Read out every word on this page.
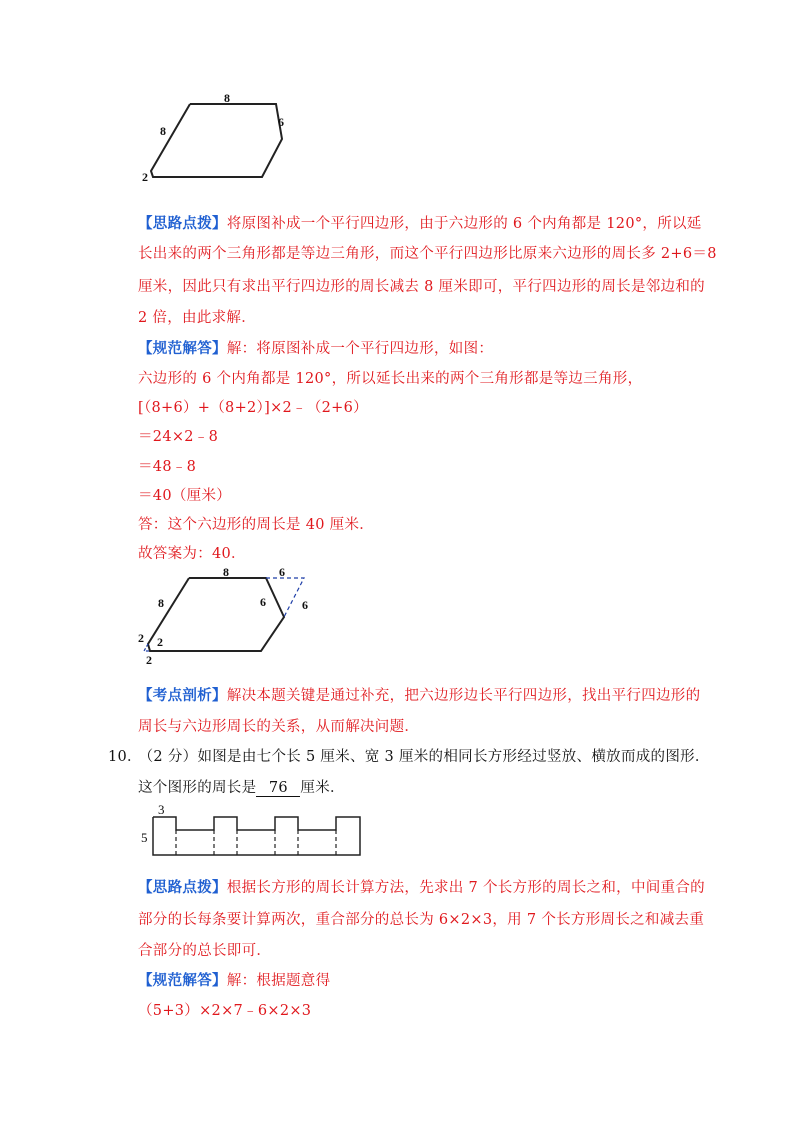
8
6
8
2
【思路点拨】将原图补成一个平行四边形，由于六边形的 6 个内角都是 120°，所以延
长出来的两个三角形都是等边三角形，而这个平行四边形比原来六边形的周长多 2+6＝8
厘米，因此只有求出平行四边形的周长减去 8 厘米即可，平行四边形的周长是邻边和的
2 倍，由此求解．
【规范解答】解：将原图补成一个平行四边形，如图：
六边形的 6 个内角都是 120°，所以延长出来的两个三角形都是等边三角形，
[（8+6）+（8+2）]×2﹣（2+6）
＝24×2﹣8
＝48﹣8
＝40（厘米）
答：这个六边形的周长是 40 厘米．
故答案为：40．
8	6
6	6
8
2 2
2
【考点剖析】解决本题关键是通过补充，把六边形边长平行四边形，找出平行四边形的
周长与六边形周长的关系，从而解决问题．
10． （2 分）如图是由七个长 5 厘米、宽 3 厘米的相同长方形经过竖放、横放而成的图形．
这个图形的周长是 76 厘米．
3
5
【思路点拨】根据长方形的周长计算方法，先求出 7 个长方形的周长之和，中间重合的
部分的长每条要计算两次，重合部分的总长为 6×2×3，用 7 个长方形周长之和减去重
合部分的总长即可．
【规范解答】解：根据题意得
（5+3）×2×7﹣6×2×3
